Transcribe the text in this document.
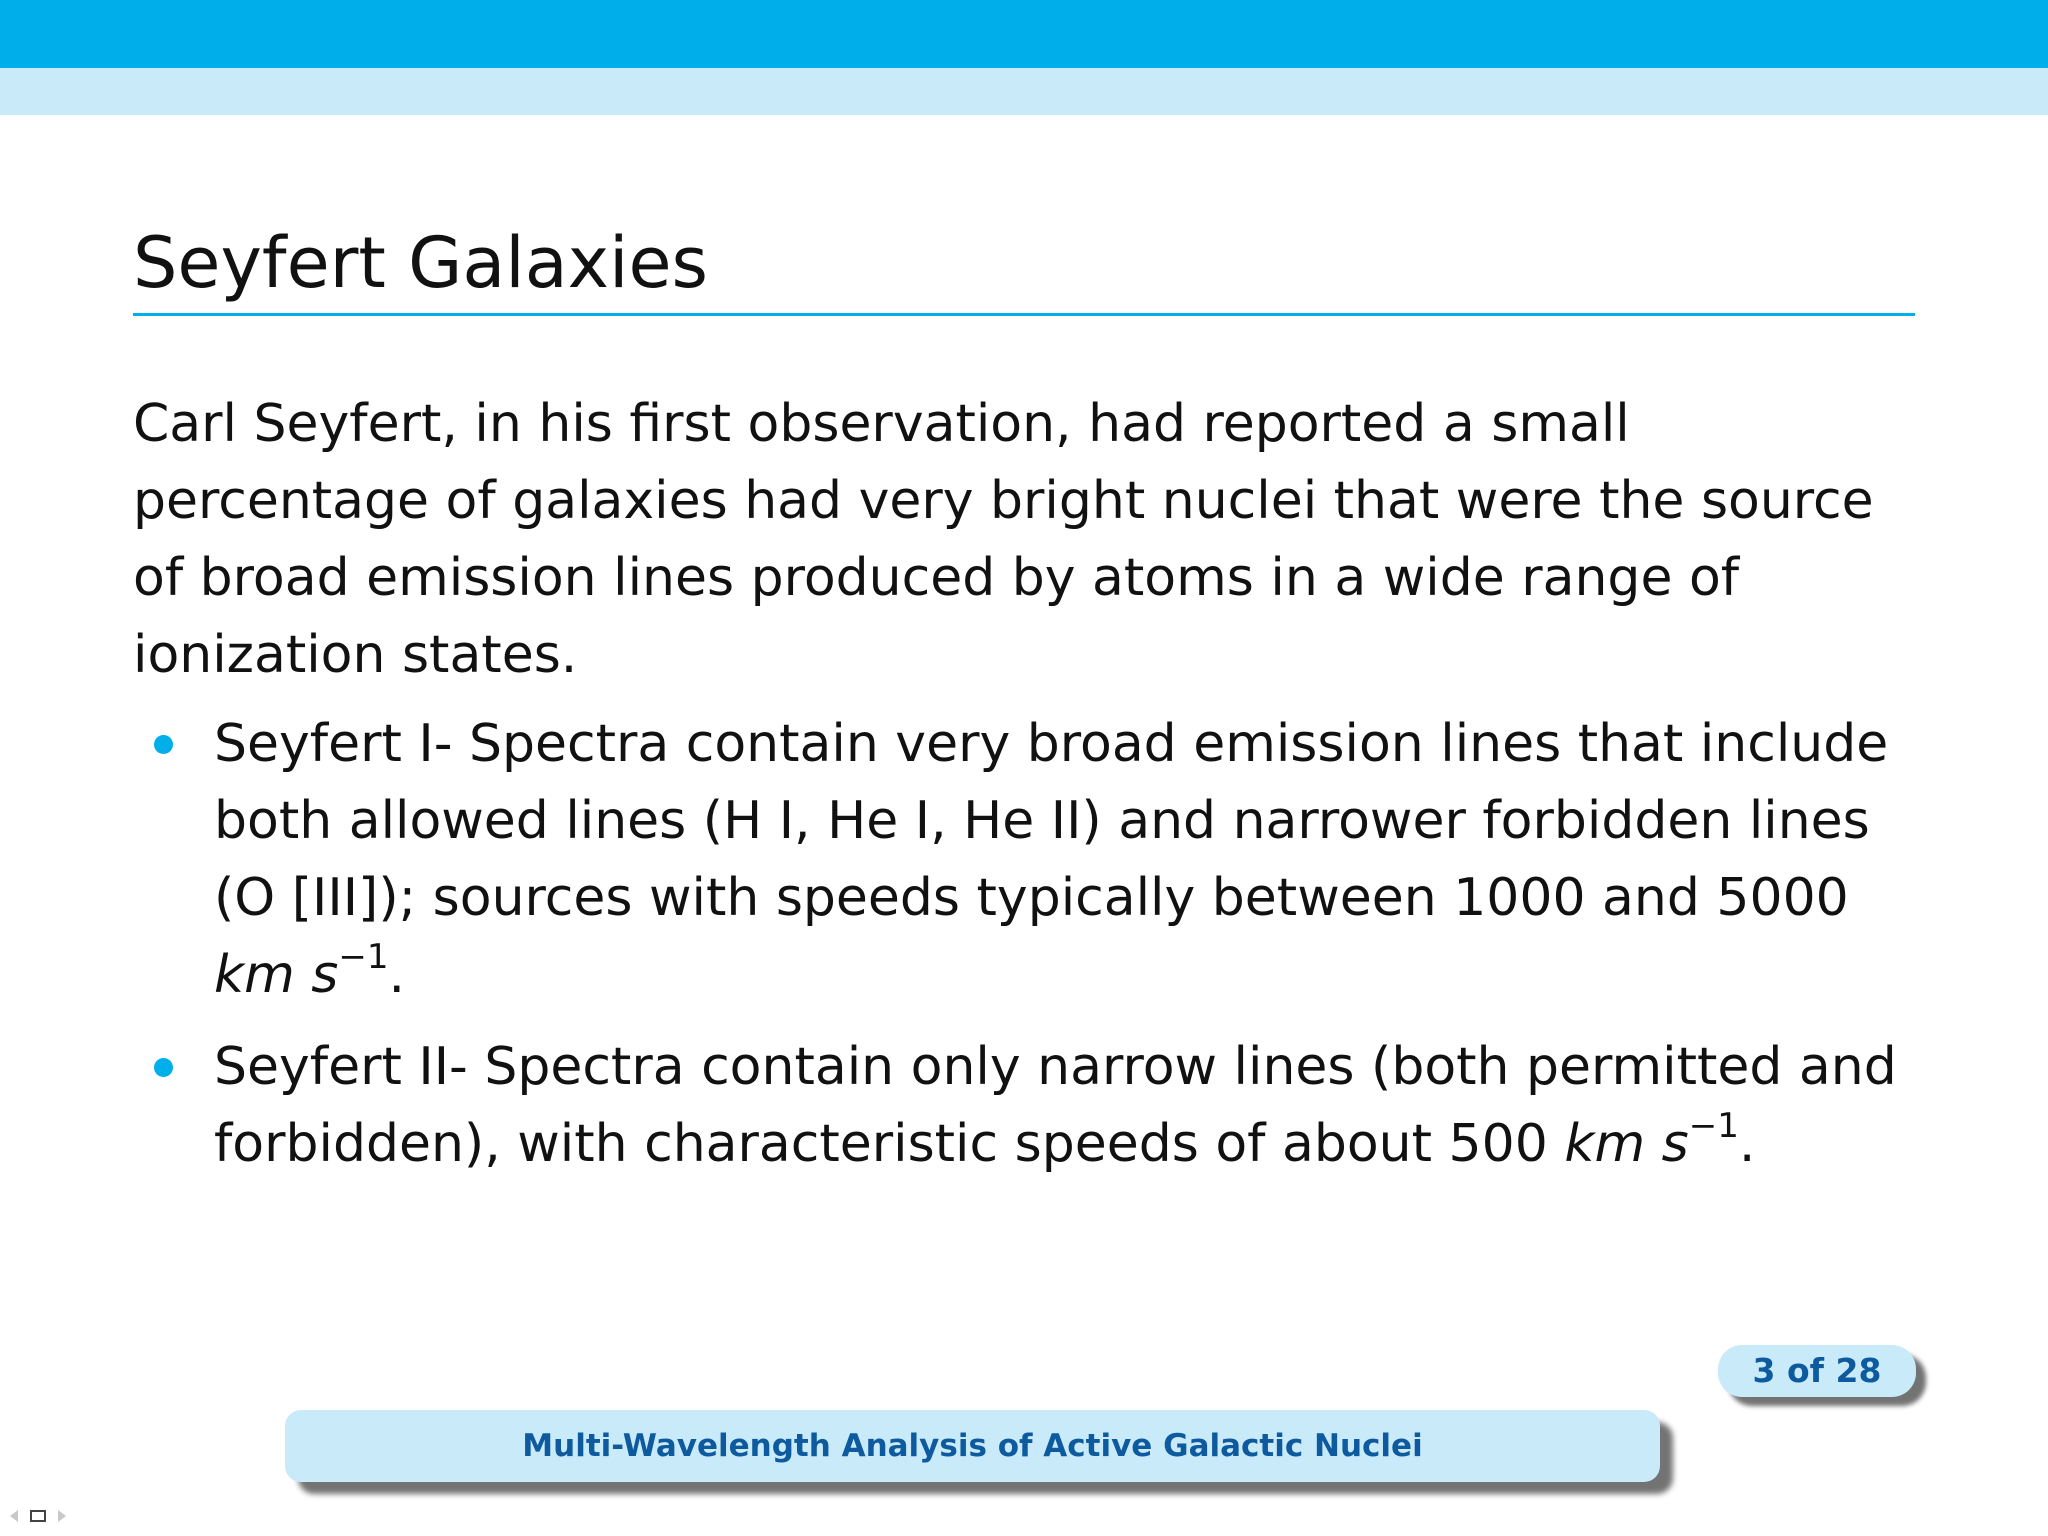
Seyfert Galaxies

Carl Seyfert, in his first observation, had reported a small percentage of galaxies had very bright nuclei that were the source of broad emission lines produced by atoms in a wide range of ionization states.

Seyfert I- Spectra contain very broad emission lines that include both allowed lines (H I, He I, He II) and narrower forbidden lines (O [III]); sources with speeds typically between 1000 and 5000
km $s^{-1}$.
Seyfert II- Spectra contain only narrow lines (both permitted and forbidden), with characteristic speeds of about 500 km $s^{-1}$.
3 of 28
Multi-Wavelength Analysis of Active Galactic Nuclei
